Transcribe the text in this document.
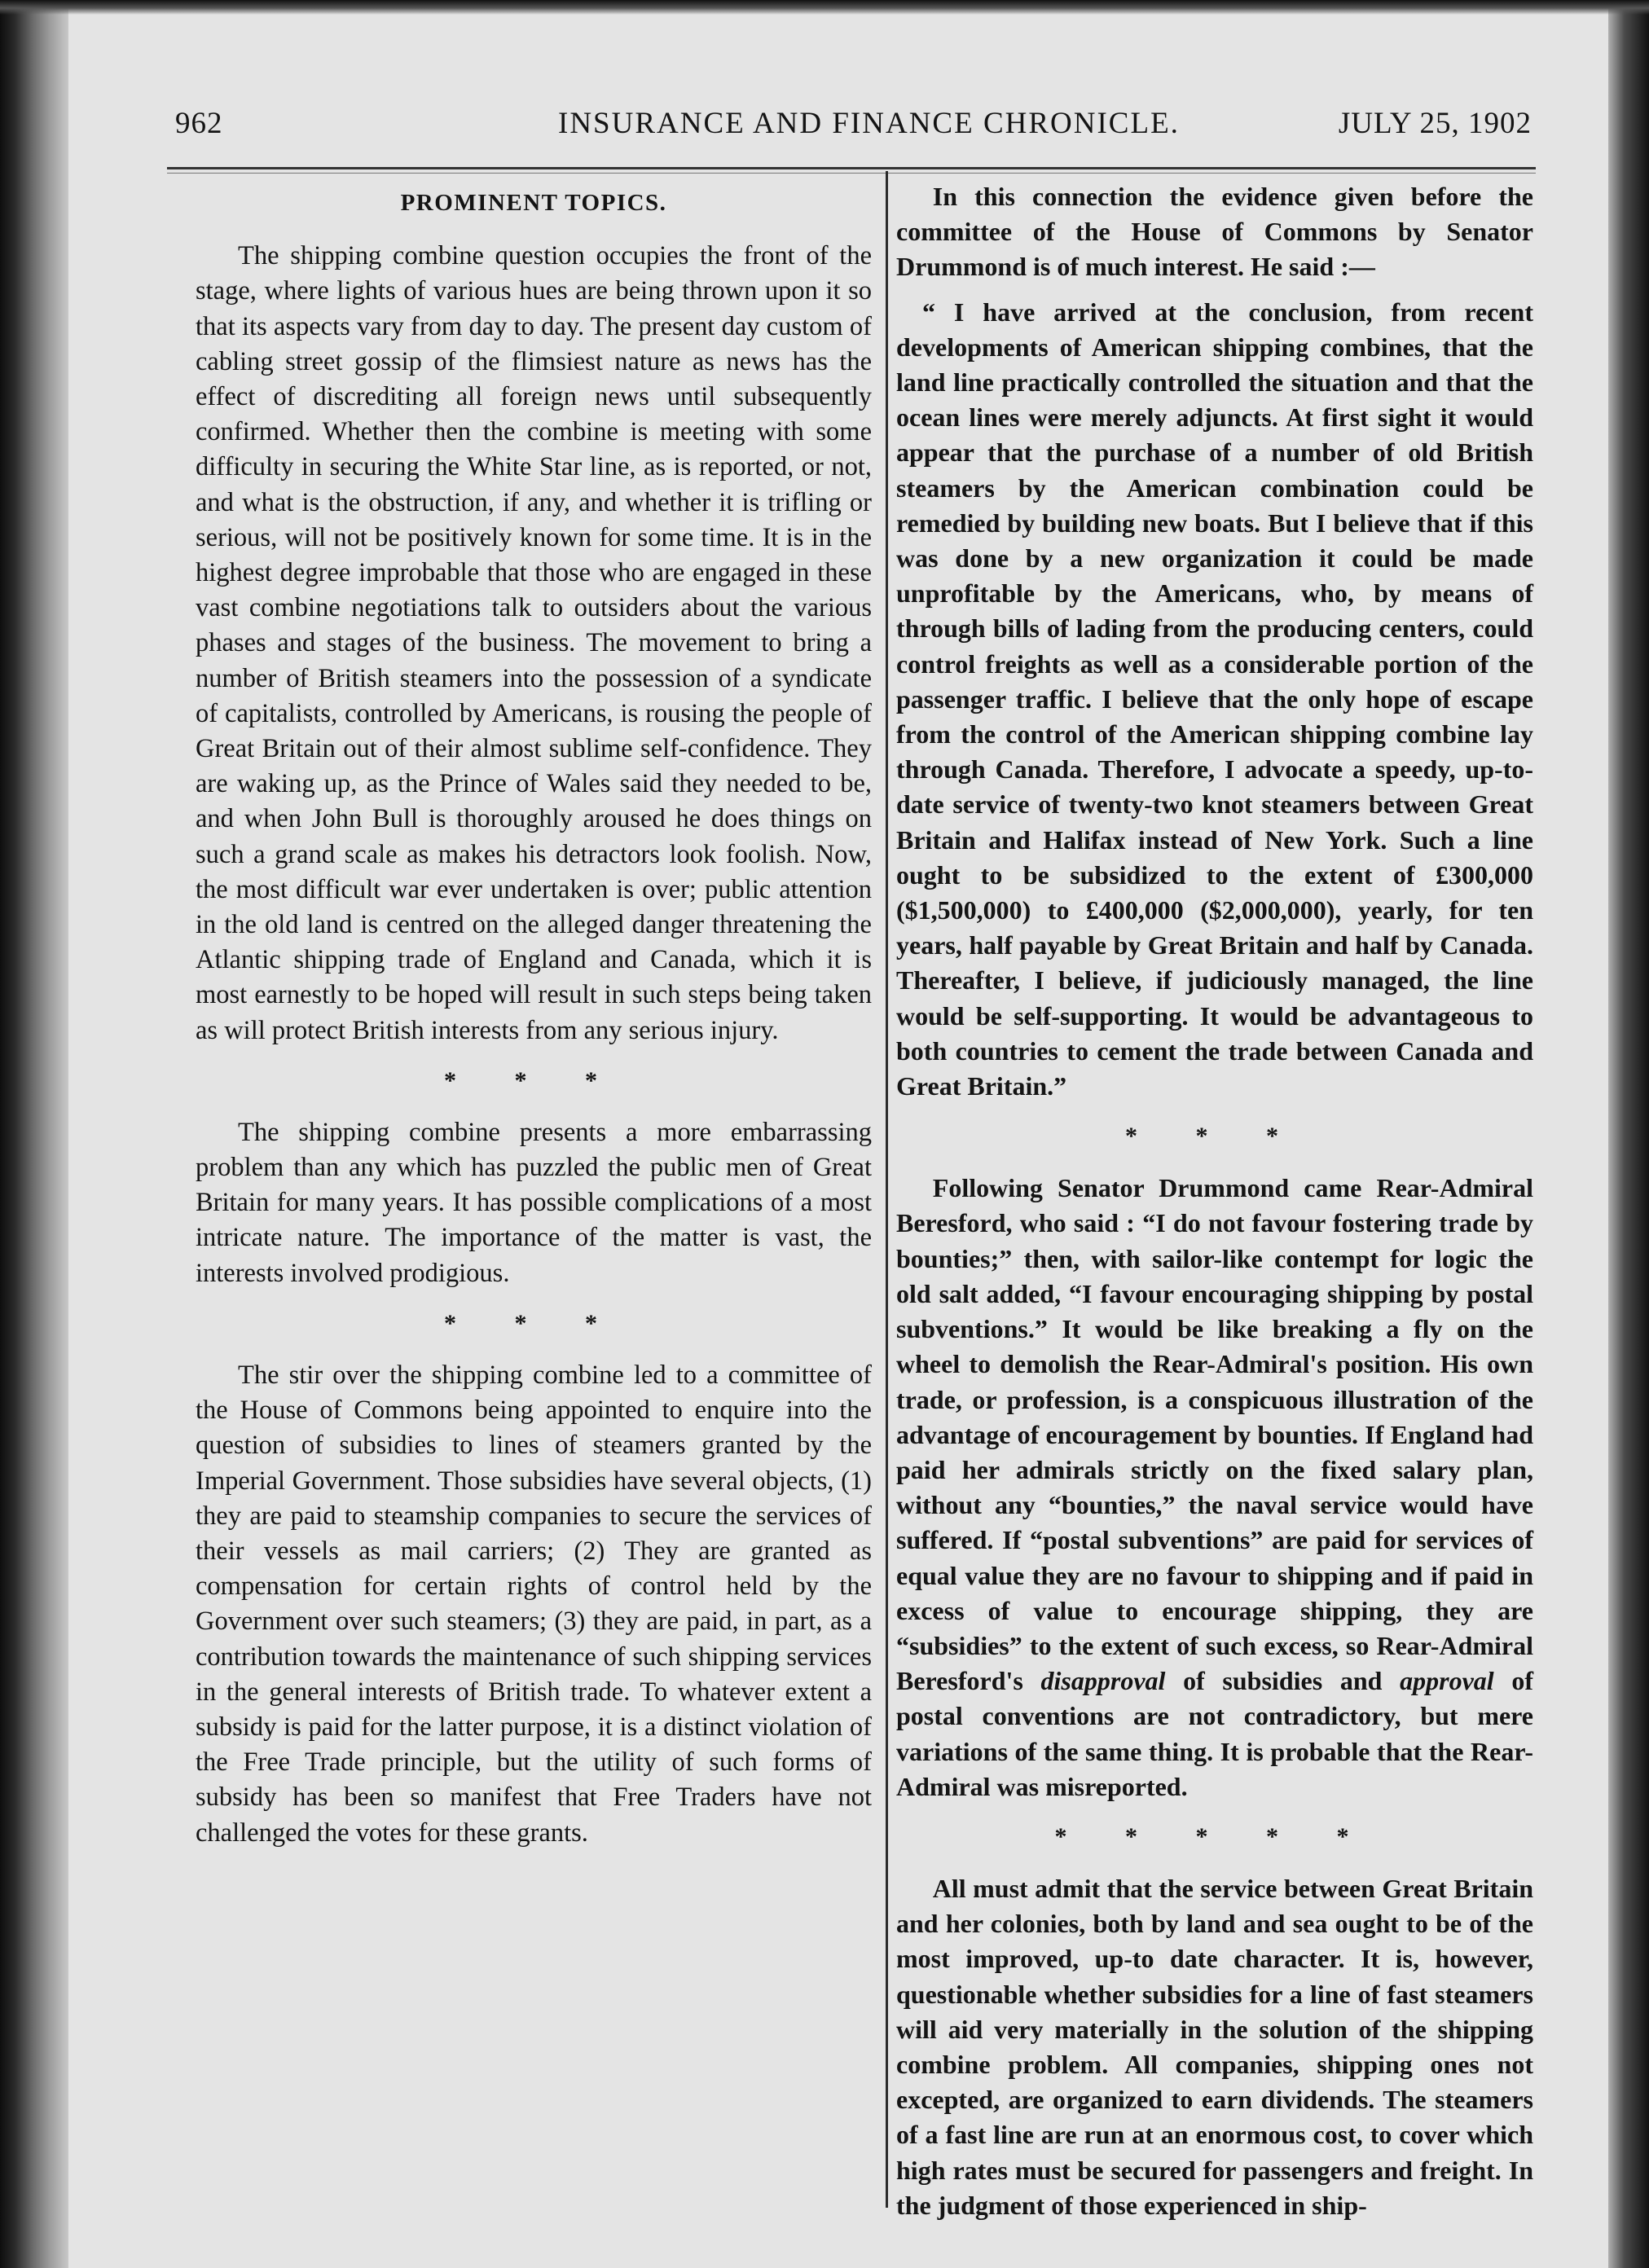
962	INSURANCE AND FINANCE CHRONICLE.	JULY 25, 1902
PROMINENT TOPICS.

The shipping combine question occupies the front of the stage, where lights of various hues are being thrown upon it so that its aspects vary from day to day. The present day custom of cabling street gossip of the flimsiest nature as news has the effect of discrediting all foreign news until subsequently confirmed. Whether then the combine is meeting with some difficulty in securing the White Star line, as is reported, or not, and what is the obstruction, if any, and whether it is trifling or serious, will not be positively known for some time. It is in the highest degree improbable that those who are engaged in these vast combine negotiations talk to outsiders about the various phases and stages of the business. The movement to bring a number of British steamers into the possession of a syndicate of capitalists, controlled by Americans, is rousing the people of Great Britain out of their almost sublime self-confidence. They are waking up, as the Prince of Wales said they needed to be, and when John Bull is thoroughly aroused he does things on such a grand scale as makes his detractors look foolish. Now, the most difficult war ever undertaken is over; public attention in the old land is centred on the alleged danger threatening the Atlantic shipping trade of England and Canada, which it is most earnestly to be hoped will result in such steps being taken as will protect British interests from any serious injury.

* * *

The shipping combine presents a more embarrassing problem than any which has puzzled the public men of Great Britain for many years. It has possible complications of a most intricate nature. The importance of the matter is vast, the interests involved prodigious.

* * *

The stir over the shipping combine led to a committee of the House of Commons being appointed to enquire into the question of subsidies to lines of steamers granted by the Imperial Government. Those subsidies have several objects, (1) they are paid to steamship companies to secure the services of their vessels as mail carriers; (2) They are granted as compensation for certain rights of control held by the Government over such steamers; (3) they are paid, in part, as a contribution towards the maintenance of such shipping services in the general interests of British trade. To whatever extent a subsidy is paid for the latter purpose, it is a distinct violation of the Free Trade principle, but the utility of such forms of subsidy has been so manifest that Free Traders have not challenged the votes for these grants.

In this connection the evidence given before the committee of the House of Commons by Senator Drummond is of much interest. He said :—

“ I have arrived at the conclusion, from recent developments of American shipping combines, that the land line practically controlled the situation and that the ocean lines were merely adjuncts. At first sight it would appear that the purchase of a number of old British steamers by the American combination could be remedied by building new boats. But I believe that if this was done by a new organization it could be made unprofitable by the Americans, who, by means of through bills of lading from the producing centers, could control freights as well as a considerable portion of the passenger traffic. I believe that the only hope of escape from the control of the American shipping combine lay through Canada. Therefore, I advocate a speedy, up-to-date service of twenty-two knot steamers between Great Britain and Halifax instead of New York. Such a line ought to be subsidized to the extent of £300,000 ($1,500,000) to £400,000 ($2,000,000), yearly, for ten years, half payable by Great Britain and half by Canada. Thereafter, I believe, if judiciously managed, the line would be self-supporting. It would be advantageous to both countries to cement the trade between Canada and Great Britain.”

* * *

Following Senator Drummond came Rear-Admiral Beresford, who said : “I do not favour fostering trade by bounties;” then, with sailor-like contempt for logic the old salt added, “I favour encouraging shipping by postal subventions.” It would be like breaking a fly on the wheel to demolish the Rear-Admiral's position. His own trade, or profession, is a conspicuous illustration of the advantage of encouragement by bounties. If England had paid her admirals strictly on the fixed salary plan, without any “bounties,” the naval service would have suffered. If “postal subventions” are paid for services of equal value they are no favour to shipping and if paid in excess of value to encourage shipping, they are “subsidies” to the extent of such excess, so Rear-Admiral Beresford's disapproval of subsidies and approval of postal conventions are not contradictory, but mere variations of the same thing. It is probable that the Rear-Admiral was misreported.

* * * * *

All must admit that the service between Great Britain and her colonies, both by land and sea ought to be of the most improved, up-to date character. It is, however, questionable whether subsidies for a line of fast steamers will aid very materially in the solution of the shipping combine problem. All companies, shipping ones not excepted, are organized to earn dividends. The steamers of a fast line are run at an enormous cost, to cover which high rates must be secured for passengers and freight. In the judgment of those experienced in ship-
